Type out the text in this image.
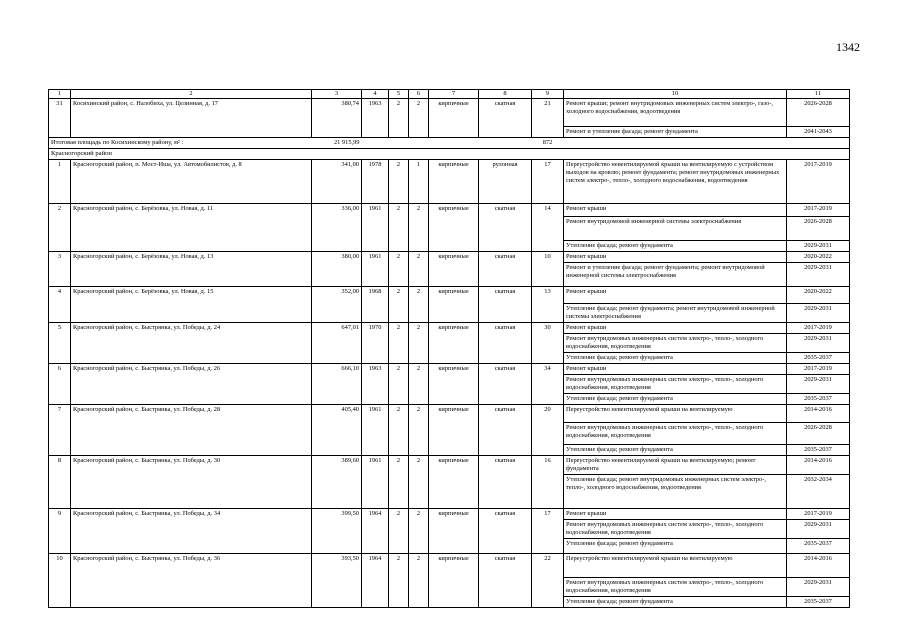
1342
1	2	3	4	5	6	7	8	9	10	11
31	Косихинский район, с. Налобиха, ул. Целинная, д. 17	380,74	1963	2	2	кирпичные	скатная	21	Ремонт крыши; ремонт внутридомовых инженерных систем электро-, газо-, холодного водоснабжения, водоотведения	2026-2028
									Ремонт и утепление фасада; ремонт фундамента	2041-2043
Итоговая площадь по Косихинскому району, м² :		21 915,99						872		
Красногорский район										
1	Красногорский район, п. Мост-Иша, ул. Автомобилистов, д. 8	341,00	1978	2	1	кирпичные	рулонная	17	Переустройство невентилируемой крыши на вентилируемую с устройством выходов на кровлю; ремонт фундамента; ремонт внутридомовых инженерных систем электро-, тепло-, холодного водоснабжения, водоотведения	2017-2019
2	Красногорский район, с. Берёзовка, ул. Новая, д. 11	336,00	1961	2	2	кирпичные	скатная	14	Ремонт крыши	2017-2019
									Ремонт внутридомовой инженерной системы электроснабжения	2026-2028
									Утепление фасада; ремонт фундамента	2029-2031
3	Красногорский район, с. Берёзовка, ул. Новая, д. 13	380,00	1961	2	2	кирпичные	скатная	10	Ремонт крыши	2020-2022
									Ремонт и утепление фасада; ремонт фундамента; ремонт внутридомовой инженерной системы электроснабжения	2029-2031
4	Красногорский район, с. Берёзовка, ул. Новая, д. 15	352,00	1968	2	2	кирпичные	скатная	13	Ремонт крыши	2020-2022
									Утепление фасада; ремонт фундамента; ремонт внутридомовой инженерной системы электроснабжения	2029-2031
5	Красногорский район, с. Быстрянка, ул. Победы, д. 24	647,01	1970	2	2	кирпичные	скатная	30	Ремонт крыши	2017-2019
									Ремонт внутридомовых инженерных систем электро-, тепло-, холодного водоснабжения, водоотведения	2029-2031
									Утепление фасада; ремонт фундамента	2035-2037
6	Красногорский район, с. Быстрянка, ул. Победы, д. 26	666,10	1963	2	2	кирпичные	скатная	34	Ремонт крыши	2017-2019
									Ремонт внутридомовых инженерных систем электро-, тепло-, холодного водоснабжения, водоотведения	2029-2031
									Утепление фасада; ремонт фундамента	2035-2037
7	Красногорский район, с. Быстрянка, ул. Победы, д. 28	405,40	1961	2	2	кирпичные	скатная	20	Переустройство невентилируемой крыши на вентилируемую	2014-2016
									Ремонт внутридомовых инженерных систем электро-, тепло-, холодного водоснабжения, водоотведения	2026-2028
									Утепление фасада; ремонт фундамента	2035-2037
8	Красногорский район, с. Быстрянка, ул. Победы, д. 30	389,60	1961	2	2	кирпичные	скатная	16	Переустройство невентилируемой крыши на вентилируемую; ремонт фундамента	2014-2016
									Утепление фасада; ремонт внутридомовых инженерных систем электро-, тепло-, холодного водоснабжения, водоотведения	2032-2034
9	Красногорский район, с. Быстрянка, ул. Победы, д. 34	399,50	1964	2	2	кирпичные	скатная	17	Ремонт крыши	2017-2019
									Ремонт внутридомовых инженерных систем электро-, тепло-, холодного водоснабжения, водоотведения	2029-2031
									Утепление фасада; ремонт фундамента	2035-2037
10	Красногорский район, с. Быстрянка, ул. Победы, д. 36	393,50	1964	2	2	кирпичные	скатная	22	Переустройство невентилируемой крыши на вентилируемую	2014-2016
									Ремонт внутридомовых инженерных систем электро-, тепло-, холодного водоснабжения, водоотведения	2029-2031
									Утепление фасада; ремонт фундамента	2035-2037
